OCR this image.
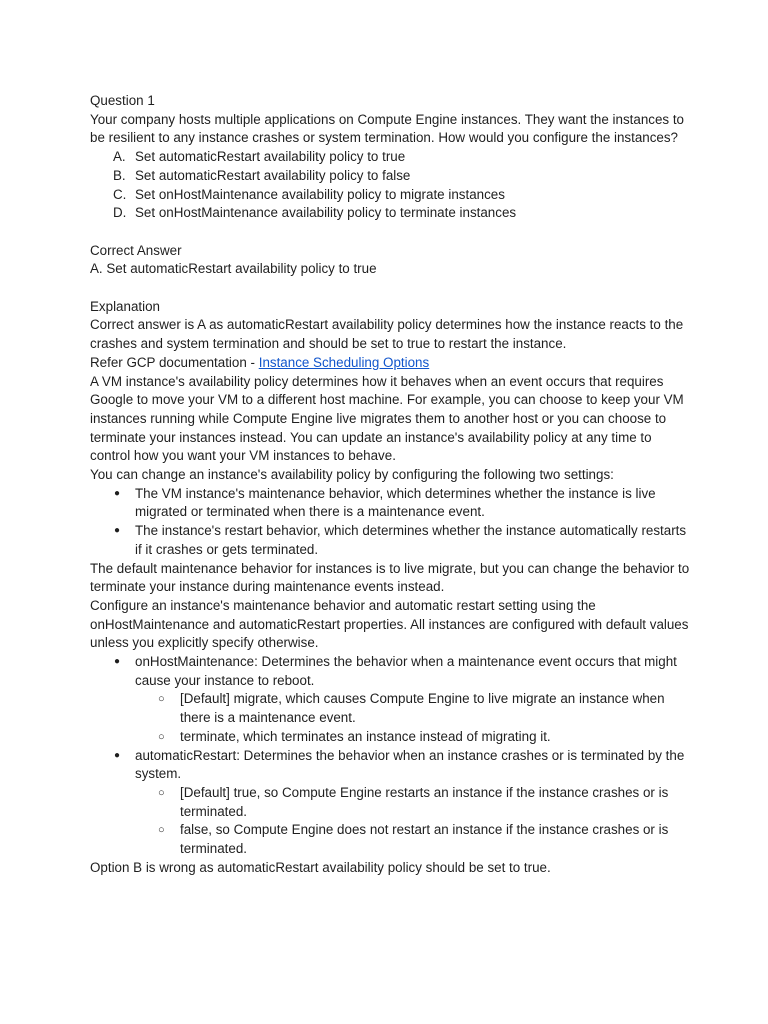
Question 1

Your company hosts multiple applications on Compute Engine instances. They want the instances to be resilient to any instance crashes or system termination. How would you configure the instances?

A. Set automaticRestart availability policy to true
B. Set automaticRestart availability policy to false
C. Set onHostMaintenance availability policy to migrate instances
D. Set onHostMaintenance availability policy to terminate instances

Correct Answer

A. Set automaticRestart availability policy to true

Explanation

Correct answer is A as automaticRestart availability policy determines how the instance reacts to the crashes and system termination and should be set to true to restart the instance.

Refer GCP documentation - Instance Scheduling Options

A VM instance's availability policy determines how it behaves when an event occurs that requires Google to move your VM to a different host machine. For example, you can choose to keep your VM instances running while Compute Engine live migrates them to another host or you can choose to terminate your instances instead. You can update an instance's availability policy at any time to control how you want your VM instances to behave.

You can change an instance's availability policy by configuring the following two settings:

● The VM instance's maintenance behavior, which determines whether the instance is live migrated or terminated when there is a maintenance event.
● The instance's restart behavior, which determines whether the instance automatically restarts if it crashes or gets terminated.

The default maintenance behavior for instances is to live migrate, but you can change the behavior to terminate your instance during maintenance events instead.

Configure an instance's maintenance behavior and automatic restart setting using the onHostMaintenance and automaticRestart properties. All instances are configured with default values unless you explicitly specify otherwise.

● onHostMaintenance: Determines the behavior when a maintenance event occurs that might cause your instance to reboot.
○ [Default] migrate, which causes Compute Engine to live migrate an instance when there is a maintenance event.
○ terminate, which terminates an instance instead of migrating it.
● automaticRestart: Determines the behavior when an instance crashes or is terminated by the system.
○ [Default] true, so Compute Engine restarts an instance if the instance crashes or is terminated.
○ false, so Compute Engine does not restart an instance if the instance crashes or is terminated.

Option B is wrong as automaticRestart availability policy should be set to true.
